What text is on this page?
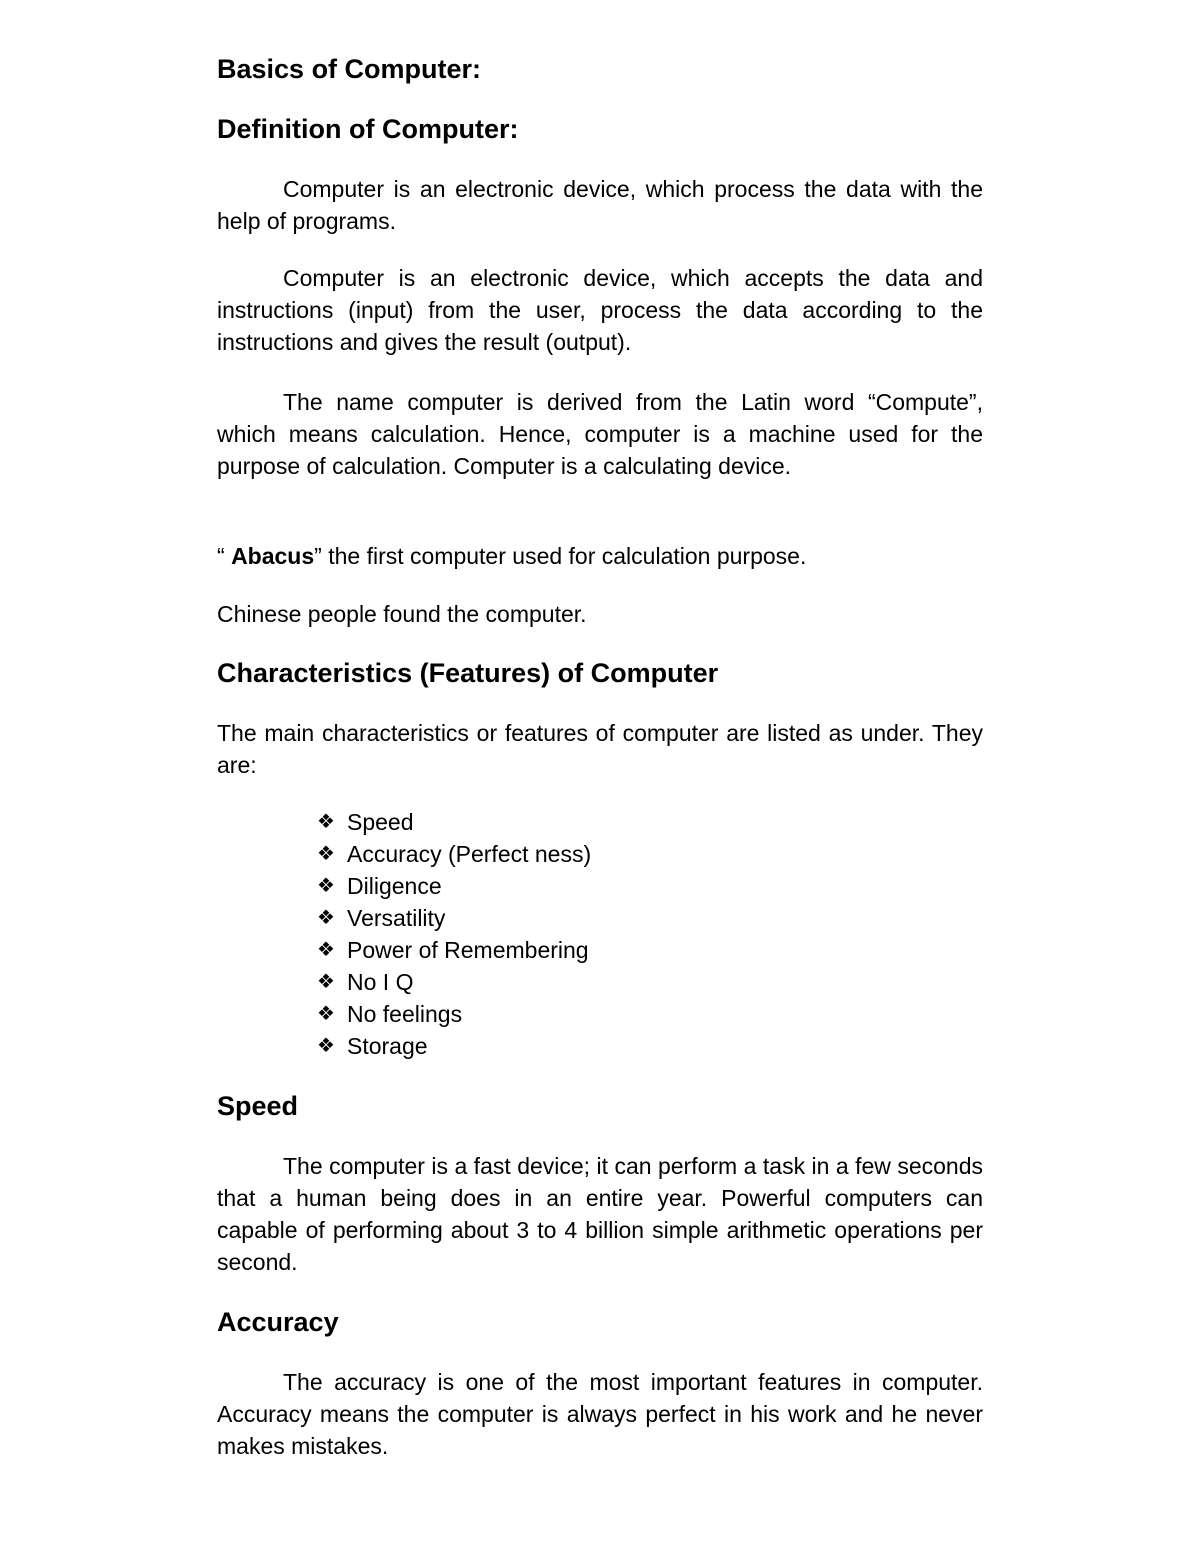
Basics of Computer:
Definition of Computer:

Computer is an electronic device, which process the data with the help of programs.

Computer is an electronic device, which accepts the data and instructions (input) from the user, process the data according to the instructions and gives the result (output).

The name computer is derived from the Latin word “Compute”, which means calculation. Hence, computer is a machine used for the purpose of calculation. Computer is a calculating device.

“ Abacus” the first computer used for calculation purpose.

Chinese people found the computer.

Characteristics (Features) of Computer

The main characteristics or features of computer are listed as under. They are:

❖ Speed
❖ Accuracy (Perfect ness)
❖ Diligence
❖ Versatility
❖ Power of Remembering
❖ No I Q
❖ No feelings
❖ Storage
Speed

The computer is a fast device; it can perform a task in a few seconds that a human being does in an entire year. Powerful computers can capable of performing about 3 to 4 billion simple arithmetic operations per second.

Accuracy

The accuracy is one of the most important features in computer. Accuracy means the computer is always perfect in his work and he never makes mistakes.
